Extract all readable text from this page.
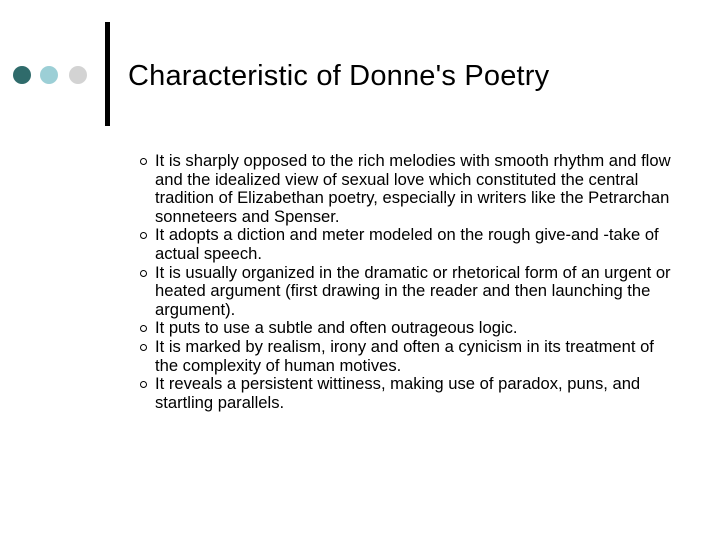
Characteristic of Donne's Poetry
It is sharply opposed to the rich melodies with smooth rhythm and flow and the idealized view of sexual love which constituted the central tradition of Elizabethan poetry, especially in writers like the Petrarchan sonneteers and Spenser.
It adopts a diction and meter modeled on the rough give-and -take of actual speech.
It is usually organized in the dramatic or rhetorical form of an urgent or heated argument (first drawing in the reader and then launching the argument).
It puts to use a subtle and often outrageous logic.
It is marked by realism, irony and often a cynicism in its treatment of the complexity of human motives.
It reveals a persistent wittiness, making use of paradox, puns, and startling parallels.
